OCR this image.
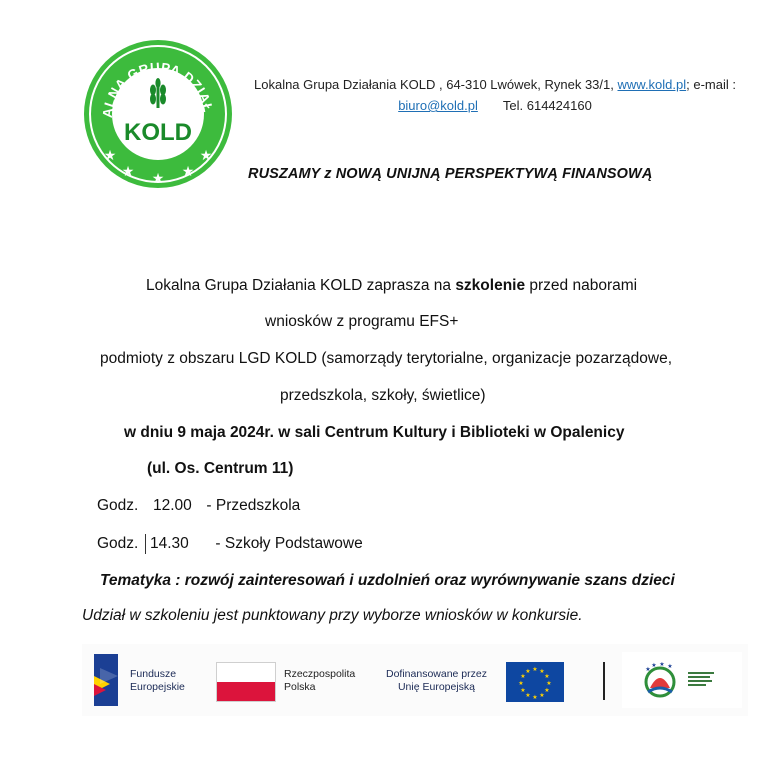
ALNA GRUPA DZIAŁ
KOLD
★
★ ★ ★
★
Lokalna Grupa Działania KOLD , 64-310 Lwówek, Rynek 33/1, www.kold.pl; e-mail : biuro@kold.pl Tel. 614424160
RUSZAMY z NOWĄ UNIJNĄ PERSPEKTYWĄ FINANSOWĄ
Lokalna Grupa Działania KOLD zaprasza na szkolenie przed naborami
wniosków z programu EFS+
podmioty z obszaru LGD KOLD (samorządy terytorialne, organizacje pozarządowe,
przedszkola, szkoły, świetlice)
w dniu 9 maja 2024r. w sali Centrum Kultury i Biblioteki w Opalenicy
(ul. Os. Centrum 11)
Godz. 12.00 - Przedszkola
Godz. 14.30 - Szkoły Podstawowe
Tematyka : rozwój zainteresowań i uzdolnień oraz wyrównywanie szans dzieci
Udział w szkoleniu jest punktowany przy wyborze wniosków w konkursie.
Fundusze
Europejskie
Rzeczpospolita
Polska
Dofinansowane przez
Unię Europejską
★ ★
★
★
★
★
★
★
★
★
★
★	★
★ ★ ★
